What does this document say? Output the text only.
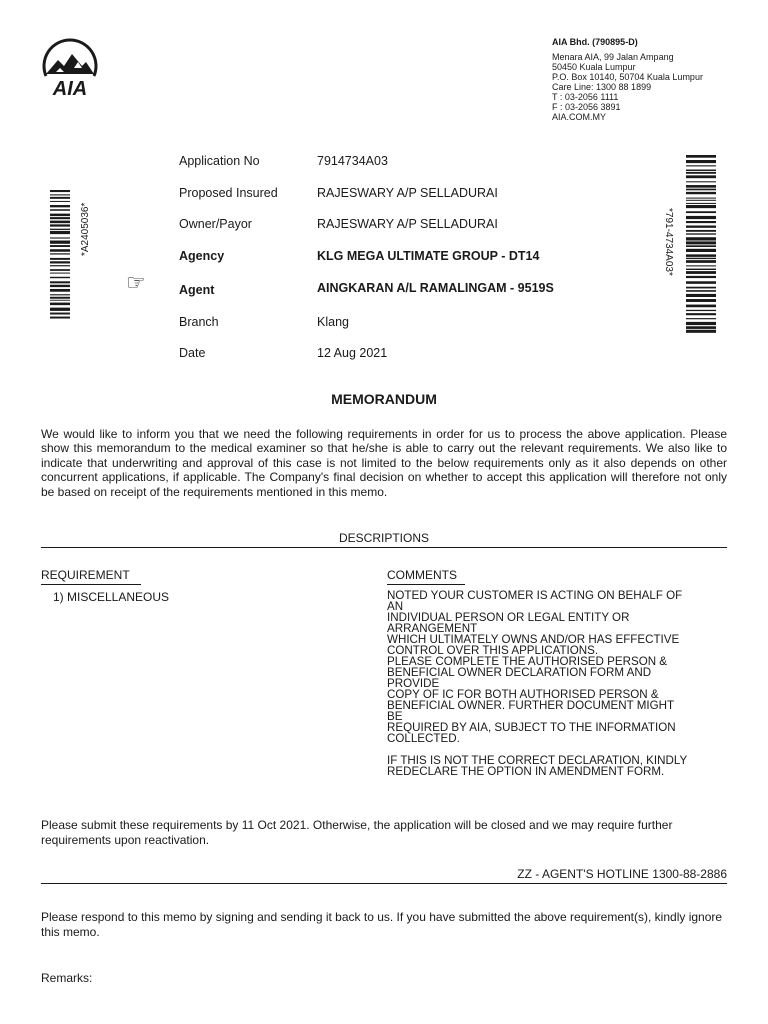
AIA
AIA Bhd. (790895-D)
Menara AIA, 99 Jalan Ampang
50450 Kuala Lumpur
P.O. Box 10140, 50704 Kuala Lumpur
Care Line: 1300 88 1899
T : 03-2056 1111
F : 03-2056 3891
AIA.COM.MY
*A2405036*	*791-4734A03*
☞
Application No	7914734A03
Proposed Insured	RAJESWARY A/P SELLADURAI
Owner/Payor	RAJESWARY A/P SELLADURAI
Agency	KLG MEGA ULTIMATE GROUP - DT14
Agent	AINGKARAN A/L RAMALINGAM - 9519S
Branch	Klang
Date	12 Aug 2021
MEMORANDUM
We would like to inform you that we need the following requirements in order for us to process the above application. Please show this memorandum to the medical examiner so that he/she is able to carry out the relevant requirements. We also like to indicate that underwriting and approval of this case is not limited to the below requirements only as it also depends on other concurrent applications, if applicable. The Company's final decision on whether to accept this application will therefore not only be based on receipt of the requirements mentioned in this memo.
DESCRIPTIONS
REQUIREMENT	COMMENTS
1) MISCELLANEOUS	NOTED YOUR CUSTOMER IS ACTING ON BEHALF OF
AN
INDIVIDUAL PERSON OR LEGAL ENTITY OR
ARRANGEMENT
WHICH ULTIMATELY OWNS AND/OR HAS EFFECTIVE
CONTROL OVER THIS APPLICATIONS.
PLEASE COMPLETE THE AUTHORISED PERSON &
BENEFICIAL OWNER DECLARATION FORM AND
PROVIDE
COPY OF IC FOR BOTH AUTHORISED PERSON &
BENEFICIAL OWNER. FURTHER DOCUMENT MIGHT
BE
REQUIRED BY AIA, SUBJECT TO THE INFORMATION
COLLECTED.
IF THIS IS NOT THE CORRECT DECLARATION, KINDLY
REDECLARE THE OPTION IN AMENDMENT FORM.
Please submit these requirements by 11 Oct 2021. Otherwise, the application will be closed and we may require further requirements upon reactivation.
ZZ - AGENT'S HOTLINE 1300-88-2886
Please respond to this memo by signing and sending it back to us. If you have submitted the above requirement(s), kindly ignore this memo.
Remarks:
